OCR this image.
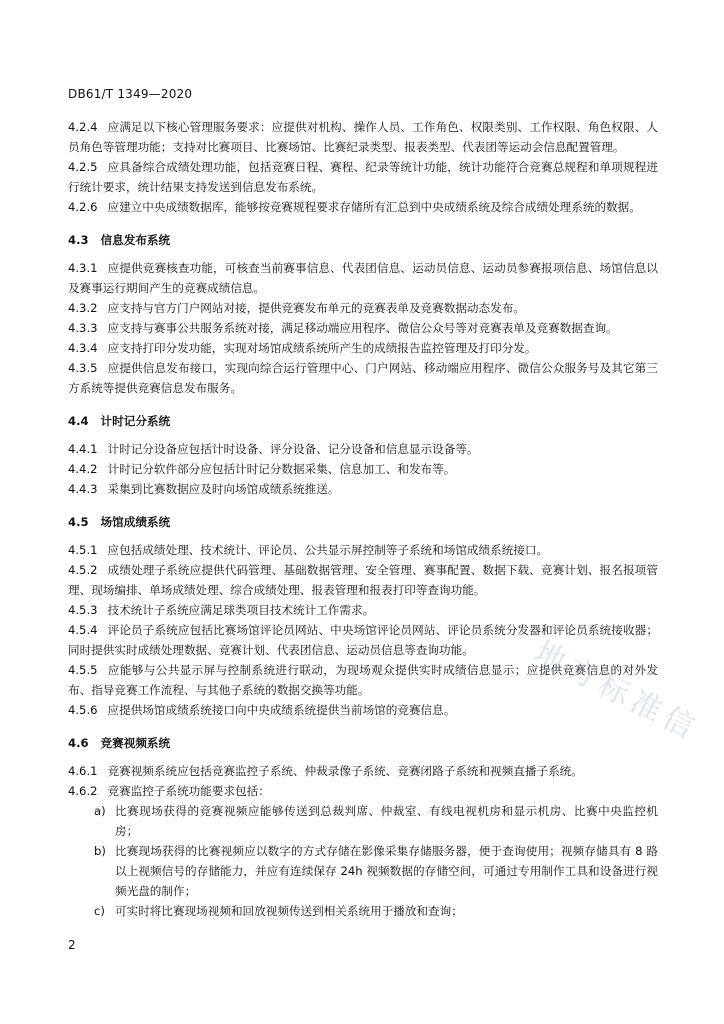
DB61/T 1349—2020

4.2.4 应满足以下核心管理服务要求：应提供对机构、操作人员、工作角色、权限类别、工作权限、角色权限、人员角色等管理功能；支持对比赛项目、比赛场馆、比赛纪录类型、报表类型、代表团等运动会信息配置管理。

4.2.5 应具备综合成绩处理功能，包括竞赛日程、赛程、纪录等统计功能，统计功能符合竞赛总规程和单项规程进行统计要求，统计结果支持发送到信息发布系统。

4.2.6 应建立中央成绩数据库，能够按竞赛规程要求存储所有汇总到中央成绩系统及综合成绩处理系统的数据。

4.3 信息发布系统

4.3.1 应提供竞赛核查功能，可核查当前赛事信息、代表团信息、运动员信息、运动员参赛报项信息、场馆信息以及赛事运行期间产生的竞赛成绩信息。

4.3.2 应支持与官方门户网站对接，提供竞赛发布单元的竞赛表单及竞赛数据动态发布。

4.3.3 应支持与赛事公共服务系统对接，满足移动端应用程序、微信公众号等对竞赛表单及竞赛数据查询。

4.3.4 应支持打印分发功能，实现对场馆成绩系统所产生的成绩报告监控管理及打印分发。

4.3.5 应提供信息发布接口，实现向综合运行管理中心、门户网站、移动端应用程序、微信公众服务号及其它第三方系统等提供竞赛信息发布服务。

4.4 计时记分系统

4.4.1 计时记分设备应包括计时设备、评分设备、记分设备和信息显示设备等。

4.4.2 计时记分软件部分应包括计时记分数据采集、信息加工、和发布等。

4.4.3 采集到比赛数据应及时向场馆成绩系统推送。

4.5 场馆成绩系统

4.5.1 应包括成绩处理、技术统计、评论员、公共显示屏控制等子系统和场馆成绩系统接口。

4.5.2 成绩处理子系统应提供代码管理、基础数据管理、安全管理、赛事配置、数据下载、竞赛计划、报名报项管理、现场编排、单场成绩处理、综合成绩处理、报表管理和报表打印等查询功能。

4.5.3 技术统计子系统应满足球类项目技术统计工作需求。

4.5.4 评论员子系统应包括比赛场馆评论员网站、中央场馆评论员网站、评论员系统分发器和评论员系统接收器；同时提供实时成绩处理数据、竞赛计划、代表团信息、运动员信息等查询功能。

4.5.5 应能够与公共显示屏与控制系统进行联动，为现场观众提供实时成绩信息显示；应提供竞赛信息的对外发布、指导竞赛工作流程、与其他子系统的数据交换等功能。

4.5.6 应提供场馆成绩系统接口向中央成绩系统提供当前场馆的竞赛信息。

4.6 竞赛视频系统

4.6.1 竞赛视频系统应包括竞赛监控子系统、仲裁录像子系统、竞赛闭路子系统和视频直播子系统。

4.6.2 竞赛监控子系统功能要求包括：

a) 比赛现场获得的竞赛视频应能够传送到总裁判席、仲裁室、有线电视机房和显示机房、比赛中央监控机房；
b) 比赛现场获得的比赛视频应以数字的方式存储在影像采集存储服务器，便于查询使用；视频存储具有 8 路以上视频信号的存储能力，并应有连续保存 24h 视频数据的存储空间，可通过专用制作工具和设备进行视频光盘的制作；
c) 可实时将比赛现场视频和回放视频传送到相关系统用于播放和查询；
2
地方标准信
